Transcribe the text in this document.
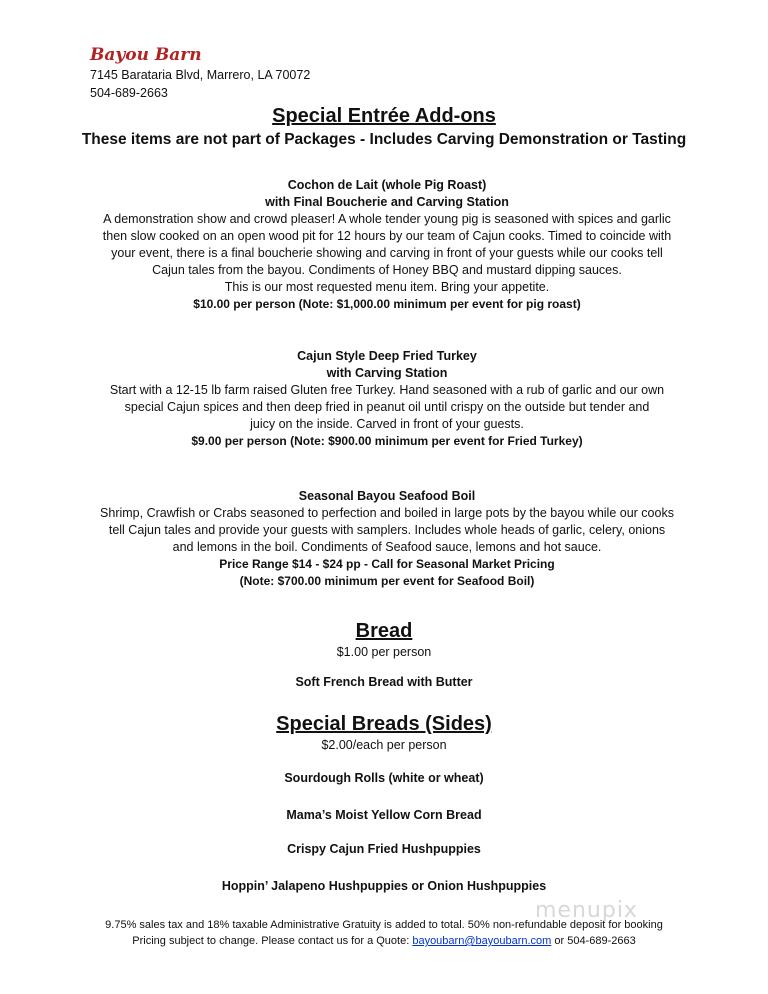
Bayou Barn
7145 Barataria Blvd, Marrero, LA 70072
504-689-2663
Special Entrée Add-ons
These items are not part of Packages - Includes Carving Demonstration or Tasting
Cochon de Lait (whole Pig Roast)
with Final Boucherie and Carving Station
A demonstration show and crowd pleaser! A whole tender young pig is seasoned with spices and garlic
then slow cooked on an open wood pit for 12 hours by our team of Cajun cooks. Timed to coincide with
your event, there is a final boucherie showing and carving in front of your guests while our cooks tell
Cajun tales from the bayou. Condiments of Honey BBQ and mustard dipping sauces.
This is our most requested menu item. Bring your appetite.
$10.00 per person (Note: $1,000.00 minimum per event for pig roast)
Cajun Style Deep Fried Turkey
with Carving Station
Start with a 12-15 lb farm raised Gluten free Turkey. Hand seasoned with a rub of garlic and our own
special Cajun spices and then deep fried in peanut oil until crispy on the outside but tender and
juicy on the inside. Carved in front of your guests.
$9.00 per person (Note: $900.00 minimum per event for Fried Turkey)
Seasonal Bayou Seafood Boil
Shrimp, Crawfish or Crabs seasoned to perfection and boiled in large pots by the bayou while our cooks
tell Cajun tales and provide your guests with samplers. Includes whole heads of garlic, celery, onions
and lemons in the boil. Condiments of Seafood sauce, lemons and hot sauce.
Price Range $14 - $24 pp - Call for Seasonal Market Pricing
(Note: $700.00 minimum per event for Seafood Boil)
Bread
$1.00 per person
Soft French Bread with Butter
Special Breads (Sides)
$2.00/each per person
Sourdough Rolls (white or wheat)
Mama’s Moist Yellow Corn Bread
Crispy Cajun Fried Hushpuppies
Hoppin’ Jalapeno Hushpuppies or Onion Hushpuppies
menupix
9.75% sales tax and 18% taxable Administrative Gratuity is added to total. 50% non-refundable deposit for booking
Pricing subject to change. Please contact us for a Quote: bayoubarn@bayoubarn.com or 504-689-2663
